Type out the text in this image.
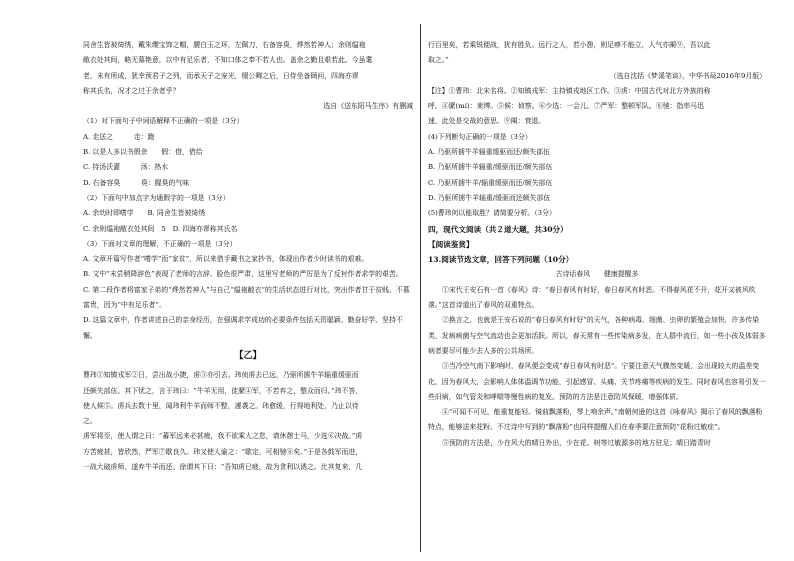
同舍生皆被绮绣，戴朱缨宝饰之帽，腰白玉之环，左佩刀，右备容臭，烨然若神人；余则缊袍

敝衣处其间，略无慕艳意，以中有足乐者，不知口体之奉不若人也。盖余之勤且艰若此。今虽耄

老，未有所成，犹幸预君子之列，而承天子之宠光，缀公卿之后，日侍坐备顾问，四海亦谬

称其氏名，况才之过于余者乎？

选自《送东阳马生序》有删减

（1）对下面句子中词语解释不正确的一项是（3分）

A. 走送之　　　走：跑

B. 以是人多以书假余　　假：借，借给

C. 持汤沃灌　　　汤：热水

D. 右备容臭　　　臭：腥臭的气味

（2）下面句中加点字为通假字的一项是（3分）

A. 余幼时即嗜学　　B. 同舍生皆被绮绣

C. 余则缊袍敝衣处其间　5　D. 四海亦谬称其氏名

（3）下面对文章的理解，不正确的一项是（3分）

A. 文章开篇写作者“嗜学”而“家贫”，所以来借手藏书之家抄书，体现出作者少时读书的艰难。

B. 文中“未尝稍降辞色”表现了老师的言辞、脸色很严肃，这里写老师的严厉是为了反衬作者求学的艰苦。

C. 第二段作者将富家子弟的“烨然若神人”与自己“缊袍敝衣”的生活状态进行对比，突出作者甘于贫贱、不慕富贵，因为“中有足乐者”。

D. 这篇文章中，作者讲述自己的亲身经历，在强调求学成功的必要条件包括天资聪颖、勤奋好学、坚持不懈。

【乙】

曹玮①知镇戎军②日，尝出战小捷，虏③亦引去。玮侦虏去已远，乃驱所掳牛羊辎重缓驱而

还颇失部伍。其下忧之，言于玮曰：“牛羊无用，徒縻④军，不若弃之，整众而归。”玮不答，

使人候⑤。虏兵去数十里，闻玮利牛羊而师不整，遽袭之。玮愈缓，行得地利处，乃止以待

之。

虏军将至，使人谓之曰：“蕃军远来必甚疲，我不欲乘人之怠，请休憩士马，少选⑥决战。”虏

方苦疲甚，皆欣然，严军⑦歇良久。玮又使人谕之：“歇定，可相驰⑧矣。”于是各鼓军而进，

一战大破虏师，遂弃牛羊而还。徐谓其下曰：“吾知虏已疲，故为贪利以诱之。比其复来，几

行百里矣，若乘锐便战，犹有胜负。远行之人，若小憩，则足痹不能立，人气亦阑⑨，吾以此

取之。”

（选自沈括《梦溪笔谈》，中华书局2016年9月版）

【注】①曹玮：北宋名将。②知镇戎军：主持镇戎地区工作。③虏：中国古代对北方外族的称

呼。④縻(mí)：束缚。⑤候：侦察。⑥少选：一会儿。⑦严军：整顿军队。⑧驰：指率马迅

速，此处是交战的意思。⑨阑：衰退。

(4)下列断句正确的一项是（3分）

A. 乃驱所掳牛羊辎重缓驱而还/颇失部伍

B. 乃驱所掳牛羊辎重/缓驱而还/颇失部伍

C. 乃驱所掳牛羊/辎重缓驱而还/颇失部伍

D. 乃驱所掳牛羊辎重/缓驱而还颇失部伍

(5)曹玮何以能取胜？请简要分析。（3分）

四，现代文阅读（共２道大题，共30分）

【阅读鉴赏】

13.阅读节选文章，回答下列问题（10分）

古诗话春风　　健康提醒多

①宋代王安石有一首《春风》诗：“春日春风有时好，春日春风有时恶。不得春风花不开，花开又被风吹落。”这首诗道出了春风的双重特点。

②换言之，也就是王安石说的“春日春风有时好”的天气，各种病毒、细菌、虫卵的繁殖会加快，许多传染类、发病病菌与空气流动也会更加活跃。所以，春天常有一些传染病多发，在人群中流行，如一些小孩及体弱多病者要尽可能少去人多的公共场所。

③当冷空气南下影响时，春风便会变成“春日春风有时恶”。宁要注意天气骤然变暖，会出现较大的温差变化，因为春风大，会影响人体体温调节功能，引起感冒、头痛、关节疼痛等疾病的发生。同时春风也容易引发一些旧病，如气管炎和哮喘等慢性病的复发。预防的方法是注意防风保暖，增强体质。

④“可闻不可见，能重复能轻。镜前飘落粉，琴上响余声。”南朝何逊的这首《咏春风》揭示了春风的飘落粉特点，能够送来花粉。不过诗中写到的“飘落粉”也同样提醒人们在春季要注意预防“花粉过敏症”。

⑤预防的方法是，少在风大的晴日外出，少在花、树等过敏源多的地方驻足；晴日踏青时
